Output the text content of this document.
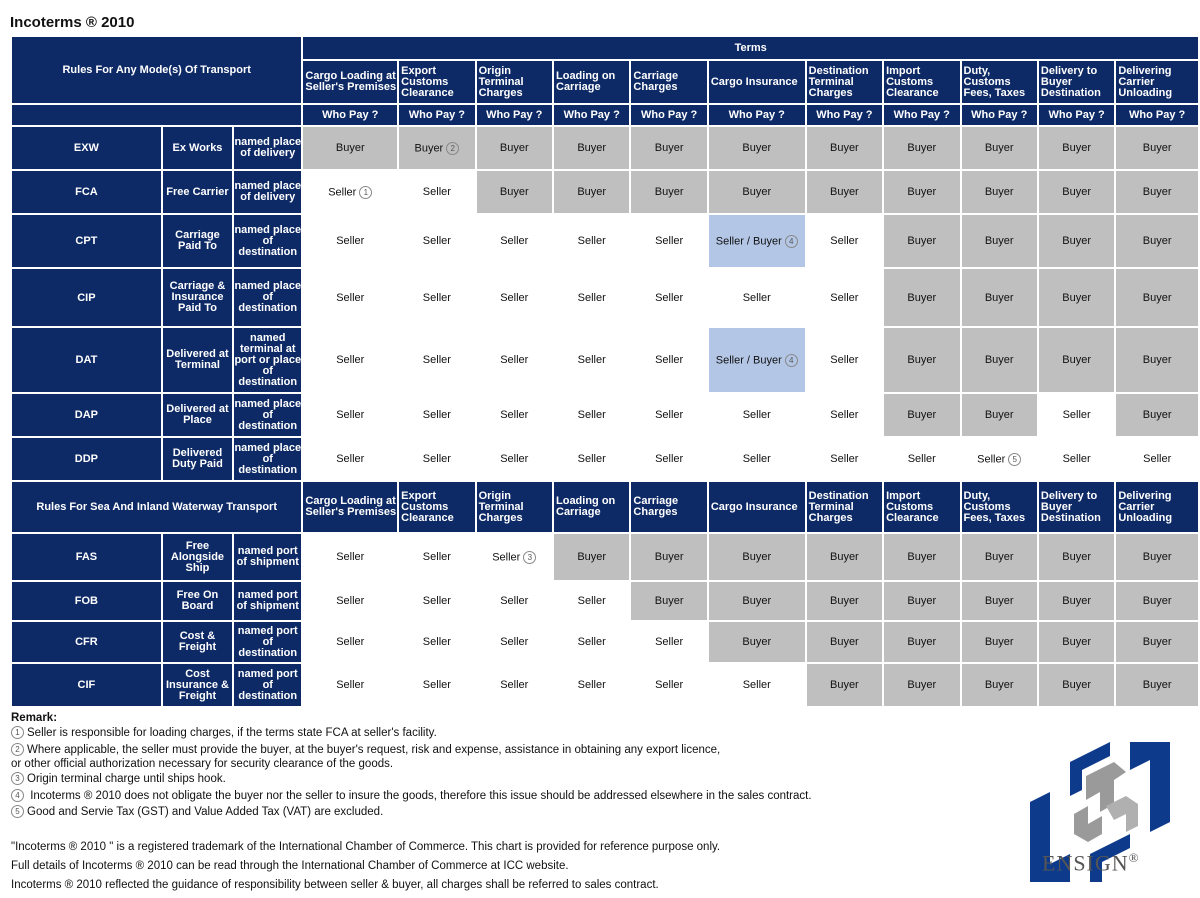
Incoterms ® 2010
Rules For Any Mode(s) Of Transport			Terms										
			Cargo Loading at Seller's Premises	Export Customs Clearance	Origin Terminal Charges	Loading on Carriage	Carriage Charges	Cargo Insurance	Destination Terminal Charges	Import Customs Clearance	Duty, Customs Fees, Taxes	Delivery to Buyer Destination	Delivering Carrier Unloading
			Who Pay ?	Who Pay ?	Who Pay ?	Who Pay ?	Who Pay ?	Who Pay ?	Who Pay ?	Who Pay ?	Who Pay ?	Who Pay ?	Who Pay ?
EXW	Ex Works	named place of delivery	Buyer	Buyer 2	Buyer	Buyer	Buyer	Buyer	Buyer	Buyer	Buyer	Buyer	Buyer
FCA	Free Carrier	named place of delivery	Seller 1	Seller	Buyer	Buyer	Buyer	Buyer	Buyer	Buyer	Buyer	Buyer	Buyer
CPT	Carriage Paid To	named place of destination	Seller	Seller	Seller	Seller	Seller	Seller / Buyer 4	Seller	Buyer	Buyer	Buyer	Buyer
CIP	Carriage & Insurance Paid To	named place of destination	Seller	Seller	Seller	Seller	Seller	Seller	Seller	Buyer	Buyer	Buyer	Buyer
DAT	Delivered at Terminal	named terminal at port or place of destination	Seller	Seller	Seller	Seller	Seller	Seller / Buyer 4	Seller	Buyer	Buyer	Buyer	Buyer
DAP	Delivered at Place	named place of destination	Seller	Seller	Seller	Seller	Seller	Seller	Seller	Buyer	Buyer	Seller	Buyer
DDP	Delivered Duty Paid	named place of destination	Seller	Seller	Seller	Seller	Seller	Seller	Seller	Seller	Seller 5	Seller	Seller
Rules For Sea And Inland Waterway Transport			Cargo Loading at Seller's Premises	Export Customs Clearance	Origin Terminal Charges	Loading on Carriage	Carriage Charges	Cargo Insurance	Destination Terminal Charges	Import Customs Clearance	Duty, Customs Fees, Taxes	Delivery to Buyer Destination	Delivering Carrier Unloading
FAS	Free Alongside Ship	named port of shipment	Seller	Seller	Seller 3	Buyer	Buyer	Buyer	Buyer	Buyer	Buyer	Buyer	Buyer
FOB	Free On Board	named port of shipment	Seller	Seller	Seller	Seller	Buyer	Buyer	Buyer	Buyer	Buyer	Buyer	Buyer
CFR	Cost & Freight	named port of destination	Seller	Seller	Seller	Seller	Seller	Buyer	Buyer	Buyer	Buyer	Buyer	Buyer
CIF	Cost Insurance & Freight	named port of destination	Seller	Seller	Seller	Seller	Seller	Seller	Buyer	Buyer	Buyer	Buyer	Buyer
Remark:
1 Seller is responsible for loading charges, if the terms state FCA at seller's facility.
2 Where applicable, the seller must provide the buyer, at the buyer's request, risk and expense, assistance in obtaining any export licence,
or other official authorization necessary for security clearance of the goods.
3 Origin terminal charge until ships hook.
4 Incoterms ® 2010 does not obligate the buyer nor the seller to insure the goods, therefore this issue should be addressed elsewhere in the sales contract.
5 Good and Servie Tax (GST) and Value Added Tax (VAT) are excluded.
"Incoterms ® 2010 " is a registered trademark of the International Chamber of Commerce. This chart is provided for reference purpose only.
Full details of Incoterms ® 2010 can be read through the International Chamber of Commerce at ICC website.
Incoterms ® 2010 reflected the guidance of responsibility between seller & buyer, all charges shall be referred to sales contract.
ENSIGN®
